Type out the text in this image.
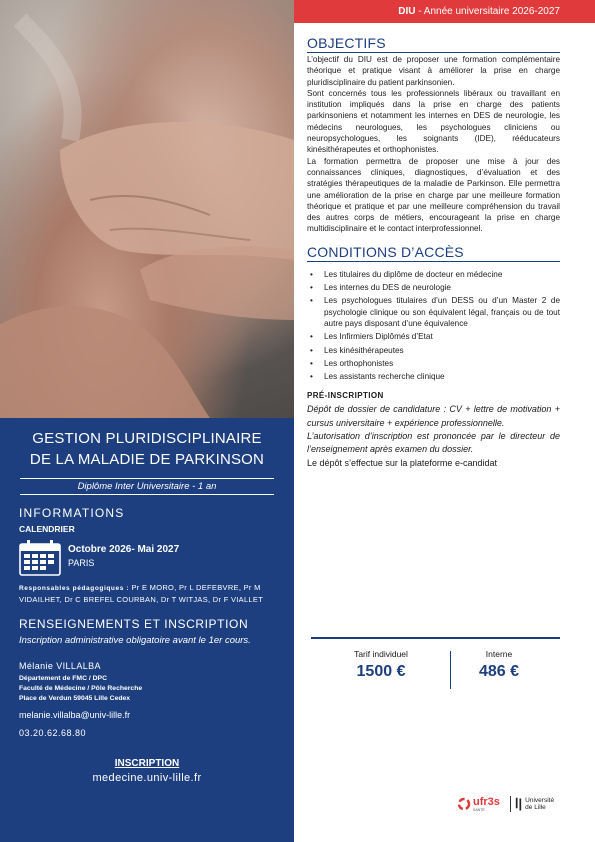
GESTION PLURIDISCIPLINAIRE
DE LA MALADIE DE PARKINSON
Diplôme Inter Universitaire - 1 an
INFORMATIONS
CALENDRIER
Octobre 2026- Mai 2027
PARIS
Responsables pédagogiques : Pr E MORO, Pr L DEFEBVRE, Pr M VIDAILHET, Dr C BREFEL COURBAN, Dr T WITJAS, Dr F VIALLET
RENSEIGNEMENTS ET INSCRIPTION
Inscription administrative obligatoire avant le 1er cours.
Mélanie VILLALBA
Département de FMC / DPC
Faculté de Médecine / Pôle Recherche
Place de Verdun 59045 Lille Cedex
melanie.villalba@univ-lille.fr
03.20.62.68.80
INSCRIPTION
medecine.univ-lille.fr
DIU - Année universitaire 2026-2027
OBJECTIFS

L’objectif du DIU est de proposer une formation complémentaire théorique et pratique visant à améliorer la prise en charge pluridisciplinaire du patient parkinsonien.

Sont concernés tous les professionnels libéraux ou travaillant en institution impliqués dans la prise en charge des patients parkinsoniens et notamment les internes en DES de neurologie, les médecins neurologues, les psychologues cliniciens ou neuropsychologues, les soignants (IDE), rééducateurs kinésithérapeutes et orthophonistes.

La formation permettra de proposer une mise à jour des connaissances cliniques, diagnostiques, d’évaluation et des stratégies thérapeutiques de la maladie de Parkinson. Elle permettra une amélioration de la prise en charge par une meilleure formation théorique et pratique et par une meilleure compréhension du travail des autres corps de métiers, encourageant la prise en charge multidisciplinaire et le contact interprofessionnel.

CONDITIONS D’ACCÈS
• Les titulaires du diplôme de docteur en médecine
• Les internes du DES de neurologie
• Les psychologues titulaires d’un DESS ou d’un Master 2 de psychologie clinique ou son équivalent légal, français ou de tout autre pays disposant d’une équivalence
• Les Infirmiers Diplômés d’Etat
• Les kinésithérapeutes
• Les orthophonistes
• Les assistants recherche clinique
PRÉ-INSCRIPTION

Dépôt de dossier de candidature : CV + lettre de motivation + cursus universitaire + expérience professionnelle.

L’autorisation d’inscription est prononcée par le directeur de l’enseignement après examen du dossier.

Le dépôt s’effectue sur la plateforme e-candidat

Tarif individuel
1500 €
Interne
486 €
ufr3s
SANTÉ	ⅼ| Université
de Lille
